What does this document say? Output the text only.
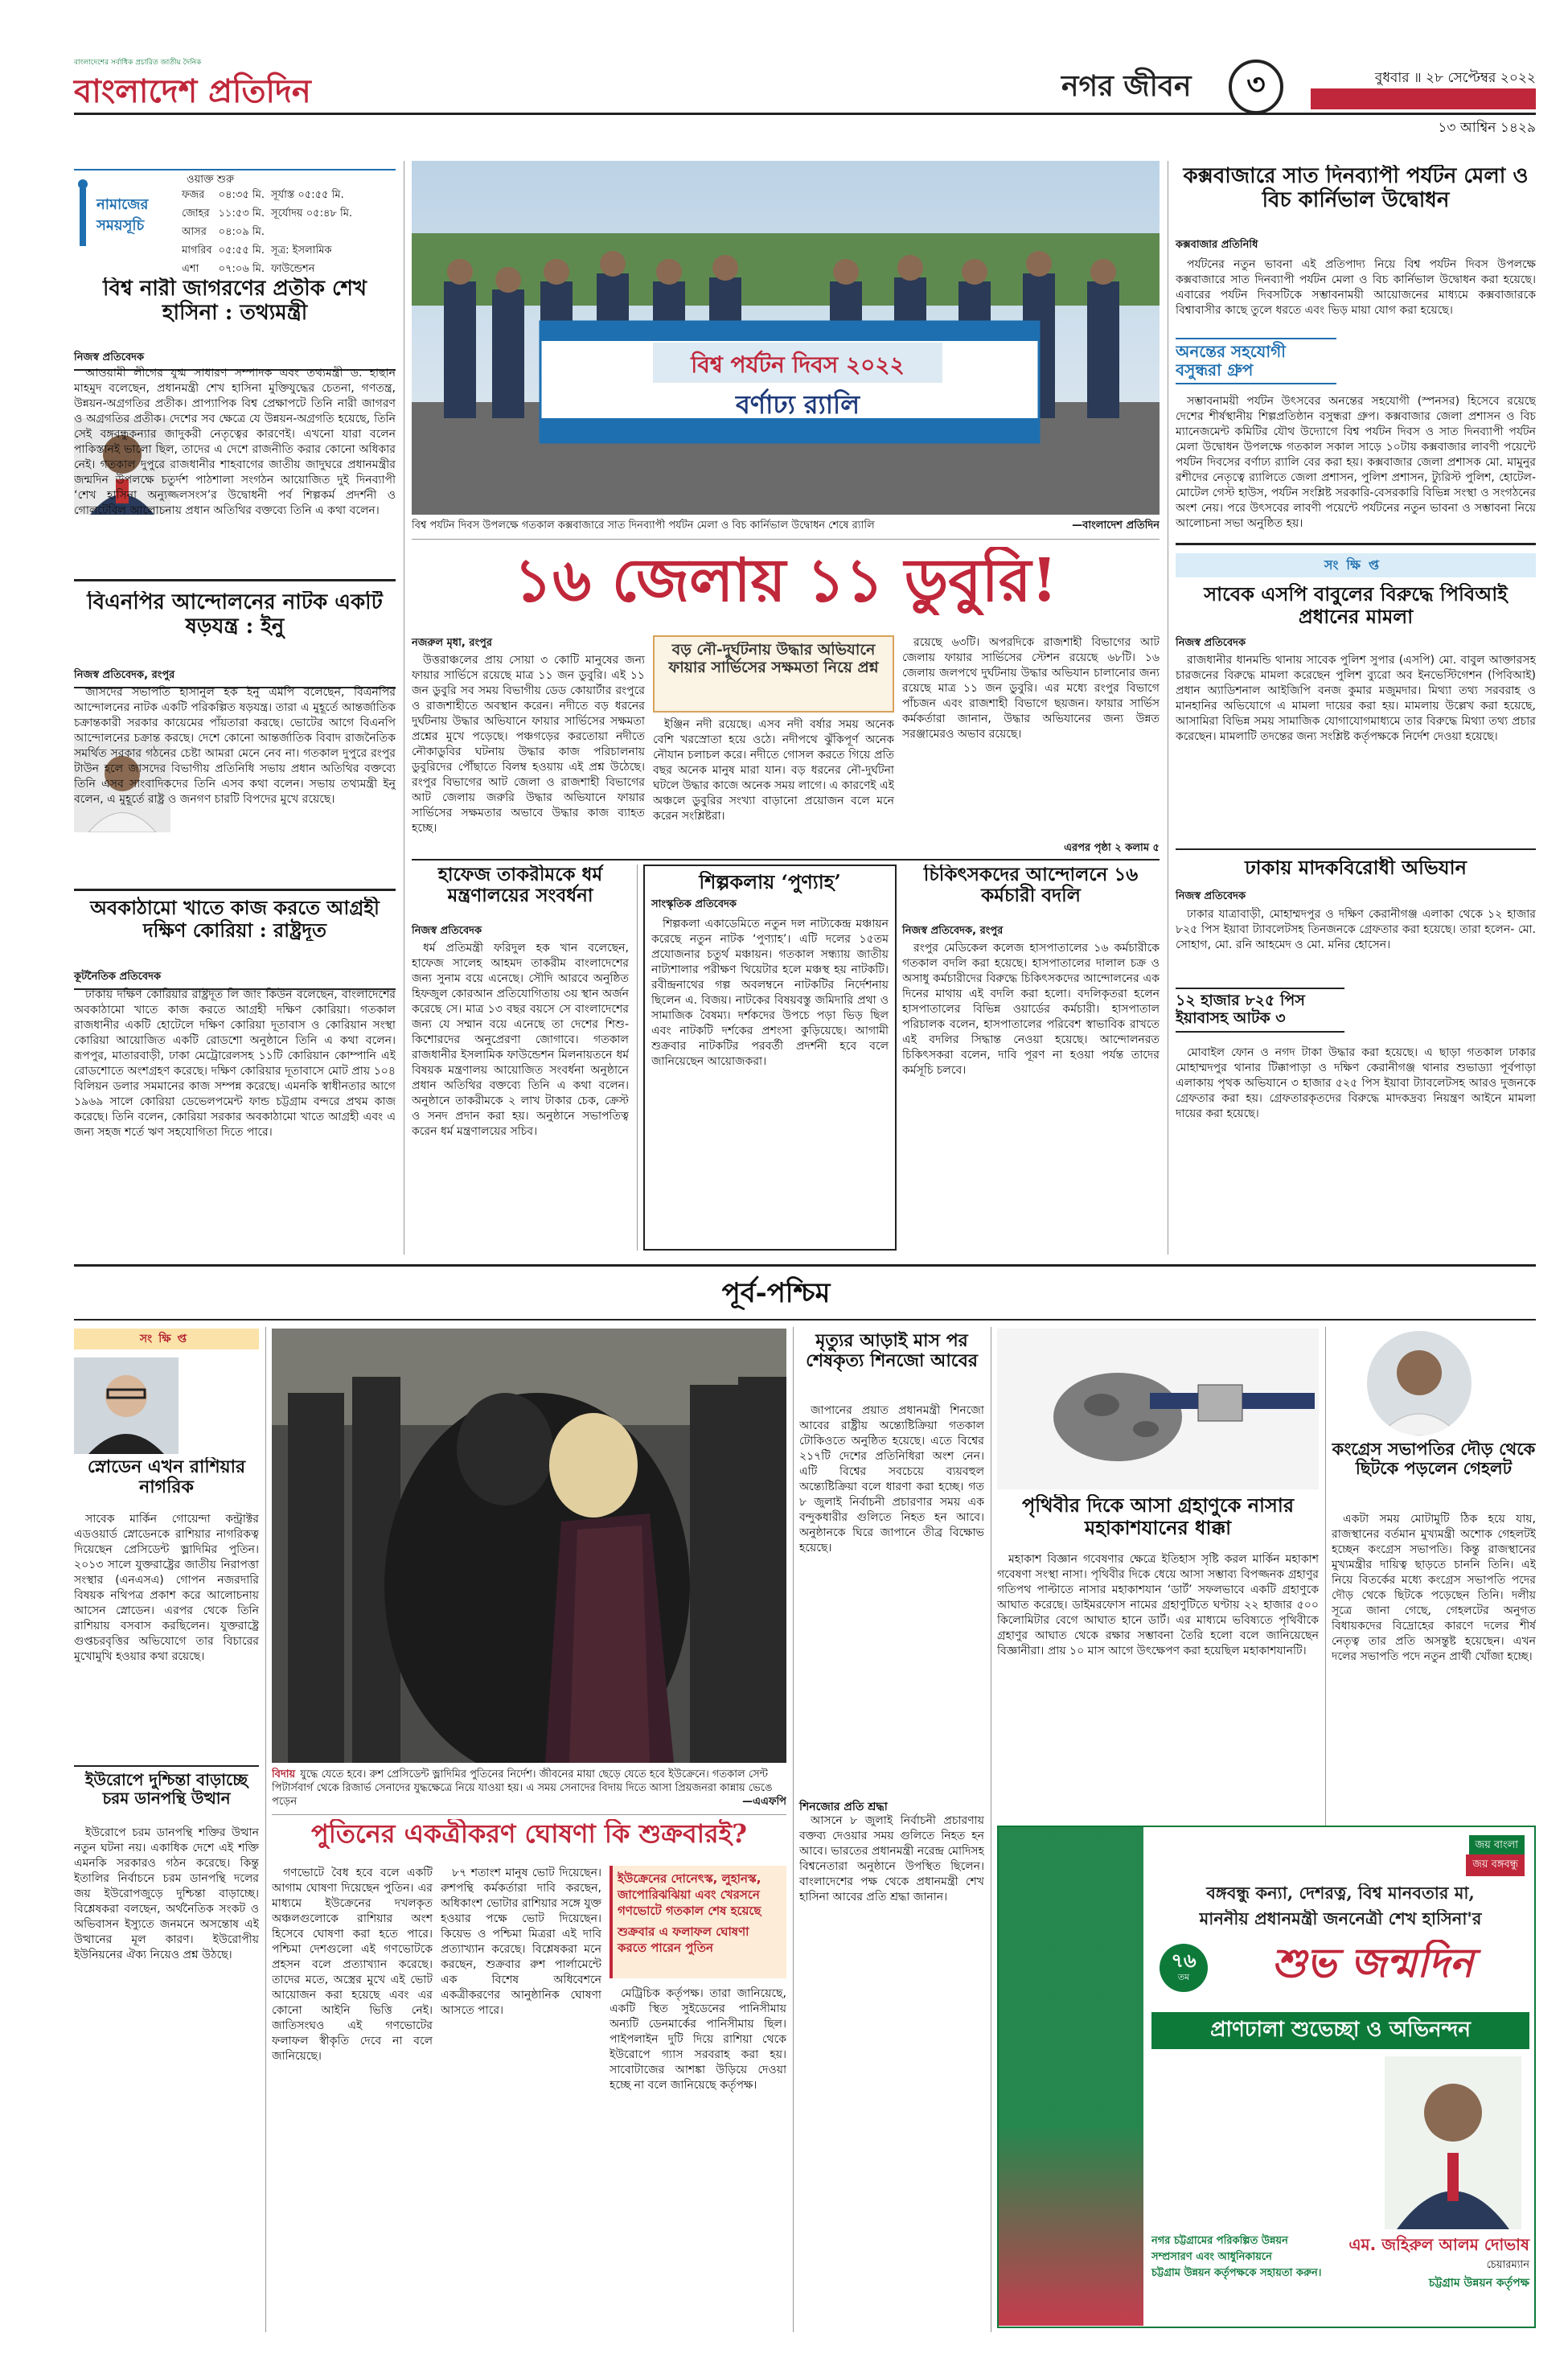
বাংলাদেশের সর্বাধিক প্রচারিত জাতীয় দৈনিক
বাংলাদেশ প্রতিদিন	নগর জীবন ৩	বুধবার ॥ ২৮ সেপ্টেম্বর ২০২২
১৩ আশ্বিন ১৪২৯
নামাজের সময়সূচি
ওয়াক্ত শুরু
ফজর	০৪:৩৫ মি.	সূর্যাস্ত ০৫:৫৫ মি.
জোহর	১১:৫৩ মি.	সূর্যোদয় ০৫:৪৮ মি.
আসর	০৪:০৯ মি.	
মাগরিব	০৫:৫৫ মি.	সূত্র: ইসলামিক
এশা	০৭:০৬ মি.	ফাউন্ডেশন
বিশ্ব নারী জাগরণের প্রতীক শেখ হাসিনা : তথ্যমন্ত্রী
নিজস্ব প্রতিবেদক

আওয়ামী লীগের যুগ্ম সাধারণ সম্পাদক এবং তথ্যমন্ত্রী ড. হাছান মাহমুদ বলেছেন, প্রধানমন্ত্রী শেখ হাসিনা মুক্তিযুদ্ধের চেতনা, গণতন্ত্র, উন্নয়ন-অগ্রগতির প্রতীক। প্রাপ্যাপিক বিশ্ব প্রেক্ষাপটে তিনি নারী জাগরণ ও অগ্রগতির প্রতীক। দেশের সব ক্ষেত্রে যে উন্নয়ন-অগ্রগতি হয়েছে, তিনি সেই বঙ্গবন্ধুকন্যার জাদুকরী নেতৃত্বের কারণেই। এখনো যারা বলেন পাকিস্তানই ভালো ছিল, তাদের এ দেশে রাজনীতি করার কোনো অধিকার নেই। গতকাল দুপুরে রাজধানীর শাহবাগের জাতীয় জাদুঘরে প্রধানমন্ত্রীর জন্মদিন উপলক্ষে চতুর্দশ পাঠশালা সংগঠন আয়োজিত দুই দিনব্যাপী ‘শেখ হাসিনা অন্যুজ্জলসংস’র উদ্বোধনী পর্ব শিল্পকর্ম প্রদর্শনী ও গোলটেবিল আলোচনায় প্রধান অতিথির বক্তব্যে তিনি এ কথা বলেন।

বিএনপির আন্দোলনের নাটক একটি ষড়যন্ত্র : ইনু
নিজস্ব প্রতিবেদক, রংপুর

জাসদের সভাপতি হাসানুল হক ইনু এমপি বলেছেন, বিএনপির আন্দোলনের নাটক একটি পরিকল্পিত ষড়যন্ত্র। তারা এ মুহূর্তে আন্তর্জাতিক চক্রান্তকারী সরকার কায়েমের পাঁয়তারা করছে। ভোটের আগে বিএনপি আন্দোলনের চক্রান্ত করছে। দেশে কোনো আন্তর্জাতিক বিবাদ রাজনৈতিক সমর্থিত সরকার গঠনের চেষ্টা আমরা মেনে নেব না। গতকাল দুপুরে রংপুর টাউন হলে জাসদের বিভাগীয় প্রতিনিধি সভায় প্রধান অতিথির বক্তব্যে তিনি এসব সাংবাদিকদের তিনি এসব কথা বলেন। সভায় তথ্যমন্ত্রী ইনু বলেন, এ মুহূর্তে রাষ্ট্র ও জনগণ চারটি বিপদের মুখে রয়েছে।

অবকাঠামো খাতে কাজ করতে আগ্রহী দক্ষিণ কোরিয়া : রাষ্ট্রদূত
কূটনৈতিক প্রতিবেদক

ঢাকায় দক্ষিণ কোরিয়ার রাষ্ট্রদূত লি জাং কিউন বলেছেন, বাংলাদেশের অবকাঠামো খাতে কাজ করতে আগ্রহী দক্ষিণ কোরিয়া। গতকাল রাজধানীর একটি হোটেলে দক্ষিণ কোরিয়া দূতাবাস ও কোরিয়ান সংস্থা কোরিয়া আয়োজিত একটি রোডশো অনুষ্ঠানে তিনি এ কথা বলেন। রূপপুর, মাতারবাড়ী, ঢাকা মেট্রোরেলসহ ১১টি কোরিয়ান কোম্পানি এই রোডশোতে অংশগ্রহণ করেছে। দক্ষিণ কোরিয়ার দূতাবাসে মোট প্রায় ১০৪ বিলিয়ন ডলার সমমানের কাজ সম্পন্ন করেছে। এমনকি স্বাধীনতার আগে ১৯৬৯ সালে কোরিয়া ডেভেলপমেন্ট ফান্ড চট্টগ্রাম বন্দরে প্রথম কাজ করেছে। তিনি বলেন, কোরিয়া সরকার অবকাঠামো খাতে আগ্রহী এবং এ জন্য সহজ শর্তে ঋণ সহযোগিতা দিতে পারে।

বিশ্ব পর্যটন দিবস ২০২২
বর্ণাঢ্য র‌্যালি
বিশ্ব পর্যটন দিবস উপলক্ষে গতকাল কক্সবাজারে সাত দিনব্যাপী পর্যটন মেলা ও বিচ কার্নিভাল উদ্বোধন শেষে র‌্যালি	—বাংলাদেশ প্রতিদিন
কক্সবাজারে সাত দিনব্যাপী পর্যটন মেলা ও বিচ কার্নিভাল উদ্বোধন
কক্সবাজার প্রতিনিধি

পর্যটনের নতুন ভাবনা এই প্রতিপাদ্য নিয়ে বিশ্ব পর্যটন দিবস উপলক্ষে কক্সবাজারে সাত দিনব্যাপী পর্যটন মেলা ও বিচ কার্নিভাল উদ্বোধন করা হয়েছে। এবারের পর্যটন দিবসটিকে সম্ভাবনাময়ী আয়োজনের মাধ্যমে কক্সবাজারকে বিশ্বাবাসীর কাছে তুলে ধরতে এবং ভিড় মায়া যোগ করা হয়েছে।

অনন্তের সহযোগী বসুন্ধরা গ্রুপ

সম্ভাবনাময়ী পর্যটন উৎসবের অনন্তের সহযোগী (স্পনসর) হিসেবে রয়েছে দেশের শীর্ষস্থানীয় শিল্পপ্রতিষ্ঠান বসুন্ধরা গ্রুপ। কক্সবাজার জেলা প্রশাসন ও বিচ ম্যানেজমেন্ট কমিটির যৌথ উদ্যোগে বিশ্ব পর্যটন দিবস ও সাত দিনব্যাপী পর্যটন মেলা উদ্বোধন উপলক্ষে গতকাল সকাল সাড়ে ১০টায় কক্সবাজার লাবণী পয়েন্টে পর্যটন দিবসের বর্ণাঢ্য র‌্যালি বের করা হয়। কক্সবাজার জেলা প্রশাসক মো. মামুনুর রশীদের নেতৃত্বে র‌্যালিতে জেলা প্রশাসন, পুলিশ প্রশাসন, ট্যুরিস্ট পুলিশ, হোটেল-মোটেল গেস্ট হাউস, পর্যটন সংশ্লিষ্ট সরকারি-বেসরকারি বিভিন্ন সংস্থা ও সংগঠনের অংশ নেয়। পরে উৎসবের লাবণী পয়েন্টে পর্যটনের নতুন ভাবনা ও সম্ভাবনা নিয়ে আলোচনা সভা অনুষ্ঠিত হয়।

১৬ জেলায় ১১ ডুবুরি!
নজরুল মৃধা, রংপুর

উত্তরাঞ্চলের প্রায় সোয়া ৩ কোটি মানুষের জন্য ফায়ার সার্ভিসে রয়েছে মাত্র ১১ জন ডুবুরি। এই ১১ জন ডুবুরি সব সময় বিভাগীয় ডেড কোয়ার্টার রংপুরে ও রাজশাহীতে অবস্থান করেন। নদীতে বড় ধরনের দুর্ঘটনায় উদ্ধার অভিযানে ফায়ার সার্ভিসের সক্ষমতা প্রশ্নের মুখে পড়েছে। পঞ্চগড়ের করতোয়া নদীতে নৌকাডুবির ঘটনায় উদ্ধার কাজ পরিচালনায় ডুবুরিদের পৌঁছাতে বিলম্ব হওয়ায় এই প্রশ্ন উঠেছে। রংপুর বিভাগের আট জেলা ও রাজশাহী বিভাগের আট জেলায় জরুরি উদ্ধার অভিযানে ফায়ার সার্ভিসের সক্ষমতার অভাবে উদ্ধার কাজ ব্যাহত হচ্ছে।

বড় নৌ-দুর্ঘটনায় উদ্ধার অভিযানে ফায়ার সার্ভিসের সক্ষমতা নিয়ে প্রশ্ন

ইঞ্জিন নদী রয়েছে। এসব নদী বর্ষার সময় অনেক বেশি খরস্রোতা হয়ে ওঠে। নদীপথে ঝুঁকিপূর্ণ অনেক নৌযান চলাচল করে। নদীতে গোসল করতে গিয়ে প্রতি বছর অনেক মানুষ মারা যান। বড় ধরনের নৌ-দুর্ঘটনা ঘটলে উদ্ধার কাজে অনেক সময় লাগে। এ কারণেই এই অঞ্চলে ডুবুরির সংখ্যা বাড়ানো প্রয়োজন বলে মনে করেন সংশ্লিষ্টরা।

রয়েছে ৬৩টি। অপরদিকে রাজশাহী বিভাগের আট জেলায় ফায়ার সার্ভিসের স্টেশন রয়েছে ৬৮টি। ১৬ জেলায় জলপথে দুর্ঘটনায় উদ্ধার অভিযান চালানোর জন্য রয়েছে মাত্র ১১ জন ডুবুরি। এর মধ্যে রংপুর বিভাগে পাঁচজন এবং রাজশাহী বিভাগে ছয়জন। ফায়ার সার্ভিস কর্মকর্তারা জানান, উদ্ধার অভিযানের জন্য উন্নত সরঞ্জামেরও অভাব রয়েছে।

এরপর পৃষ্ঠা ২ কলাম ৫
হাফেজ তাকরীমকে ধর্ম মন্ত্রণালয়ের সংবর্ধনা
নিজস্ব প্রতিবেদক

ধর্ম প্রতিমন্ত্রী ফরিদুল হক খান বলেছেন, হাফেজ সালেহ আহমদ তাকরীম বাংলাদেশের জন্য সুনাম বয়ে এনেছে। সৌদি আরবে অনুষ্ঠিত হিফজুল কোরআন প্রতিযোগিতায় ৩য় স্থান অর্জন করেছে সে। মাত্র ১৩ বছর বয়সে সে বাংলাদেশের জন্য যে সম্মান বয়ে এনেছে তা দেশের শিশু-কিশোরদের অনুপ্রেরণা জোগাবে। গতকাল রাজধানীর ইসলামিক ফাউন্ডেশন মিলনায়তনে ধর্ম বিষয়ক মন্ত্রণালয় আয়োজিত সংবর্ধনা অনুষ্ঠানে প্রধান অতিথির বক্তব্যে তিনি এ কথা বলেন। অনুষ্ঠানে তাকরীমকে ২ লাখ টাকার চেক, ক্রেস্ট ও সনদ প্রদান করা হয়। অনুষ্ঠানে সভাপতিত্ব করেন ধর্ম মন্ত্রণালয়ের সচিব।

শিল্পকলায় ‘পুণ্যাহ’
সাংস্কৃতিক প্রতিবেদক

শিল্পকলা একাডেমিতে নতুন দল নাট্যকেন্দ্র মঞ্চায়ন করেছে নতুন নাটক ‘পুণ্যাহ’। এটি দলের ১৫তম প্রযোজনার চতুর্থ মঞ্চায়ন। গতকাল সন্ধ্যায় জাতীয় নাট্যশালার পরীক্ষণ থিয়েটার হলে মঞ্চস্থ হয় নাটকটি। রবীন্দ্রনাথের গল্প অবলম্বনে নাটকটির নির্দেশনায় ছিলেন এ. বিজয়। নাটকের বিষয়বস্তু জমিদারি প্রথা ও সামাজিক বৈষম্য। দর্শকদের উপচে পড়া ভিড় ছিল এবং নাটকটি দর্শকের প্রশংসা কুড়িয়েছে। আগামী শুক্রবার নাটকটির পরবর্তী প্রদর্শনী হবে বলে জানিয়েছেন আয়োজকরা।

চিকিৎসকদের আন্দোলনে ১৬ কর্মচারী বদলি
নিজস্ব প্রতিবেদক, রংপুর

রংপুর মেডিকেল কলেজ হাসপাতালের ১৬ কর্মচারীকে গতকাল বদলি করা হয়েছে। হাসপাতালের দালাল চক্র ও অসাধু কর্মচারীদের বিরুদ্ধে চিকিৎসকদের আন্দোলনের এক দিনের মাথায় এই বদলি করা হলো। বদলিকৃতরা হলেন হাসপাতালের বিভিন্ন ওয়ার্ডের কর্মচারী। হাসপাতাল পরিচালক বলেন, হাসপাতালের পরিবেশ স্বাভাবিক রাখতে এই বদলির সিদ্ধান্ত নেওয়া হয়েছে। আন্দোলনরত চিকিৎসকরা বলেন, দাবি পূরণ না হওয়া পর্যন্ত তাদের কর্মসূচি চলবে।

সংক্ষিপ্ত
সাবেক এসপি বাবুলের বিরুদ্ধে পিবিআই প্রধানের মামলা
নিজস্ব প্রতিবেদক

রাজধানীর ধানমন্ডি থানায় সাবেক পুলিশ সুপার (এসপি) মো. বাবুল আক্তারসহ চারজনের বিরুদ্ধে মামলা করেছেন পুলিশ ব্যুরো অব ইনভেস্টিগেশন (পিবিআই) প্রধান অ্যাডিশনাল আইজিপি বনজ কুমার মজুমদার। মিথ্যা তথ্য সরবরাহ ও মানহানির অভিযোগে এ মামলা দায়ের করা হয়। মামলায় উল্লেখ করা হয়েছে, আসামিরা বিভিন্ন সময় সামাজিক যোগাযোগমাধ্যমে তার বিরুদ্ধে মিথ্যা তথ্য প্রচার করেছেন। মামলাটি তদন্তের জন্য সংশ্লিষ্ট কর্তৃপক্ষকে নির্দেশ দেওয়া হয়েছে।

ঢাকায় মাদকবিরোধী অভিযান
নিজস্ব প্রতিবেদক

ঢাকার যাত্রাবাড়ী, মোহাম্মদপুর ও দক্ষিণ কেরানীগঞ্জ এলাকা থেকে ১২ হাজার ৮২৫ পিস ইয়াবা ট্যাবলেটসহ তিনজনকে গ্রেফতার করা হয়েছে। তারা হলেন- মো. সোহাগ, মো. রনি আহমেদ ও মো. মনির হোসেন।

১২ হাজার ৮২৫ পিস ইয়াবাসহ আটক ৩

মোবাইল ফোন ও নগদ টাকা উদ্ধার করা হয়েছে। এ ছাড়া গতকাল ঢাকার মোহাম্মদপুর থানার টিক্কাপাড়া ও দক্ষিণ কেরানীগঞ্জ থানার শুভাড্যা পূর্বপাড়া এলাকায় পৃথক অভিযানে ৩ হাজার ৫২৫ পিস ইয়াবা ট্যাবলেটসহ আরও দুজনকে গ্রেফতার করা হয়। গ্রেফতারকৃতদের বিরুদ্ধে মাদকদ্রব্য নিয়ন্ত্রণ আইনে মামলা দায়ের করা হয়েছে।

পূর্ব-পশ্চিম
সংক্ষিপ্ত
স্নোডেন এখন রাশিয়ার নাগরিক

সাবেক মার্কিন গোয়েন্দা কন্ট্রাক্টর এডওয়ার্ড স্নোডেনকে রাশিয়ার নাগরিকত্ব দিয়েছেন প্রেসিডেন্ট ভ্লাদিমির পুতিন। ২০১৩ সালে যুক্তরাষ্ট্রের জাতীয় নিরাপত্তা সংস্থার (এনএসএ) গোপন নজরদারি বিষয়ক নথিপত্র প্রকাশ করে আলোচনায় আসেন স্নোডেন। এরপর থেকে তিনি রাশিয়ায় বসবাস করছিলেন। যুক্তরাষ্ট্রে গুপ্তচরবৃত্তির অভিযোগে তার বিচারের মুখোমুখি হওয়ার কথা রয়েছে।

ইউরোপে দুশ্চিন্তা বাড়াচ্ছে চরম ডানপন্থি উত্থান

ইউরোপে চরম ডানপন্থি শক্তির উত্থান নতুন ঘটনা নয়। একাধিক দেশে এই শক্তি এমনকি সরকারও গঠন করেছে। কিন্তু ইতালির নির্বাচনে চরম ডানপন্থি দলের জয় ইউরোপজুড়ে দুশ্চিন্তা বাড়াচ্ছে। বিশ্লেষকরা বলছেন, অর্থনৈতিক সংকট ও অভিবাসন ইস্যুতে জনমনে অসন্তোষ এই উত্থানের মূল কারণ। ইউরোপীয় ইউনিয়নের ঐক্য নিয়েও প্রশ্ন উঠছে।

বিদায় যুদ্ধে যেতে হবে। রুশ প্রেসিডেন্ট ভ্লাদিমির পুতিনের নির্দেশ। জীবনের মায়া ছেড়ে যেতে হবে ইউক্রেনে। গতকাল সেন্ট পিটার্সবার্গ থেকে রিজার্ভ সেনাদের যুদ্ধক্ষেত্রে নিয়ে যাওয়া হয়। এ সময় সেনাদের বিদায় দিতে আসা প্রিয়জনরা কান্নায় ভেঙে পড়েন	—এএফপি
পুতিনের একত্রীকরণ ঘোষণা কি শুক্রবারই?

গণভোটে বৈধ হবে বলে একটি আগাম ঘোষণা দিয়েছেন পুতিন। এর মাধ্যমে ইউক্রেনের দখলকৃত অঞ্চলগুলোকে রাশিয়ার অংশ হিসেবে ঘোষণা করা হতে পারে। পশ্চিমা দেশগুলো এই গণভোটকে প্রহসন বলে প্রত্যাখ্যান করেছে। তাদের মতে, অস্ত্রের মুখে এই ভোট আয়োজন করা হয়েছে এবং এর কোনো আইনি ভিত্তি নেই। জাতিসংঘও এই গণভোটের ফলাফল স্বীকৃতি দেবে না বলে জানিয়েছে।

৮৭ শতাংশ মানুষ ভোট দিয়েছেন। রুশপন্থি কর্মকর্তারা দাবি করছেন, অধিকাংশ ভোটার রাশিয়ার সঙ্গে যুক্ত হওয়ার পক্ষে ভোট দিয়েছেন। কিয়েভ ও পশ্চিমা মিত্ররা এই দাবি প্রত্যাখ্যান করেছে। বিশ্লেষকরা মনে করছেন, শুক্রবার রুশ পার্লামেন্টে এক বিশেষ অধিবেশনে একত্রীকরণের আনুষ্ঠানিক ঘোষণা আসতে পারে।

ইউক্রেনের দোনেৎস্ক, লুহানস্ক, জাপোরিঝঝিয়া এবং খেরসনে গণভোটে গতকাল শেষ হয়েছে
শুক্রবার এ ফলাফল ঘোষণা করতে পারেন পুতিন

মেট্রিচিক কর্তৃপক্ষ। তারা জানিয়েছে, একটি স্থিত সুইডেনের পানিসীমায় অন্যটি ডেনমার্কের পানিসীমায় ছিল। পাইপলাইন দুটি দিয়ে রাশিয়া থেকে ইউরোপে গ্যাস সরবরাহ করা হয়। সাবোটাজের আশঙ্কা উড়িয়ে দেওয়া হচ্ছে না বলে জানিয়েছে কর্তৃপক্ষ।

মৃত্যুর আড়াই মাস পর শেষকৃত্য শিনজো আবের

জাপানের প্রয়াত প্রধানমন্ত্রী শিনজো আবের রাষ্ট্রীয় অন্ত্যেষ্টিক্রিয়া গতকাল টোকিওতে অনুষ্ঠিত হয়েছে। এতে বিশ্বের ২১৭টি দেশের প্রতিনিধিরা অংশ নেন। এটি বিশ্বের সবচেয়ে ব্যয়বহুল অন্ত্যেষ্টিক্রিয়া বলে ধারণা করা হচ্ছে। গত ৮ জুলাই নির্বাচনী প্রচারণার সময় এক বন্দুকধারীর গুলিতে নিহত হন আবে। অনুষ্ঠানকে ঘিরে জাপানে তীব্র বিক্ষোভ হয়েছে।

শিনজোর প্রতি শ্রদ্ধা

আসনে ৮ জুলাই নির্বাচনী প্রচারণায় বক্তব্য দেওয়ার সময় গুলিতে নিহত হন আবে। ভারতের প্রধানমন্ত্রী নরেন্দ্র মোদিসহ বিশ্বনেতারা অনুষ্ঠানে উপস্থিত ছিলেন। বাংলাদেশের পক্ষ থেকে প্রধানমন্ত্রী শেখ হাসিনা আবের প্রতি শ্রদ্ধা জানান।

পৃথিবীর দিকে আসা গ্রহাণুকে নাসার মহাকাশযানের ধাক্কা

মহাকাশ বিজ্ঞান গবেষণার ক্ষেত্রে ইতিহাস সৃষ্টি করল মার্কিন মহাকাশ গবেষণা সংস্থা নাসা। পৃথিবীর দিকে ধেয়ে আসা সম্ভাব্য বিপজ্জনক গ্রহাণুর গতিপথ পাল্টাতে নাসার মহাকাশযান ‘ডার্ট’ সফলভাবে একটি গ্রহাণুকে আঘাত করেছে। ডাইমরফোস নামের গ্রহাণুটিতে ঘণ্টায় ২২ হাজার ৫০০ কিলোমিটার বেগে আঘাত হানে ডার্ট। এর মাধ্যমে ভবিষ্যতে পৃথিবীকে গ্রহাণুর আঘাত থেকে রক্ষার সম্ভাবনা তৈরি হলো বলে জানিয়েছেন বিজ্ঞানীরা। প্রায় ১০ মাস আগে উৎক্ষেপণ করা হয়েছিল মহাকাশযানটি।

কংগ্রেস সভাপতির দৌড় থেকে ছিটকে পড়লেন গেহলট

একটা সময় মোটামুটি ঠিক হয়ে যায়, রাজস্থানের বর্তমান মুখ্যমন্ত্রী অশোক গেহলটই হচ্ছেন কংগ্রেস সভাপতি। কিন্তু রাজস্থানের মুখ্যমন্ত্রীর দায়িত্ব ছাড়তে চাননি তিনি। এই নিয়ে বিতর্কের মধ্যে কংগ্রেস সভাপতি পদের দৌড় থেকে ছিটকে পড়েছেন তিনি। দলীয় সূত্রে জানা গেছে, গেহলটের অনুগত বিধায়কদের বিদ্রোহের কারণে দলের শীর্ষ নেতৃত্ব তার প্রতি অসন্তুষ্ট হয়েছেন। এখন দলের সভাপতি পদে নতুন প্রার্থী খোঁজা হচ্ছে।

জয় বাংলা
জয় বঙ্গবন্ধু
বঙ্গবন্ধু কন্যা, দেশরত্ন, বিশ্ব মানবতার মা,
মাননীয় প্রধানমন্ত্রী জননেত্রী শেখ হাসিনা'র
৭৬
তম	শুভ জন্মদিন
প্রাণঢালা শুভেচ্ছা ও অভিনন্দন
নগর চট্টগ্রামের পরিকল্পিত উন্নয়ন
সম্প্রসারণ এবং আধুনিকায়নে
চট্টগ্রাম উন্নয়ন কর্তৃপক্ষকে সহায়তা করুন।
এম. জহিরুল আলম দোভাষ
চেয়ারম্যান
চট্টগ্রাম উন্নয়ন কর্তৃপক্ষ
